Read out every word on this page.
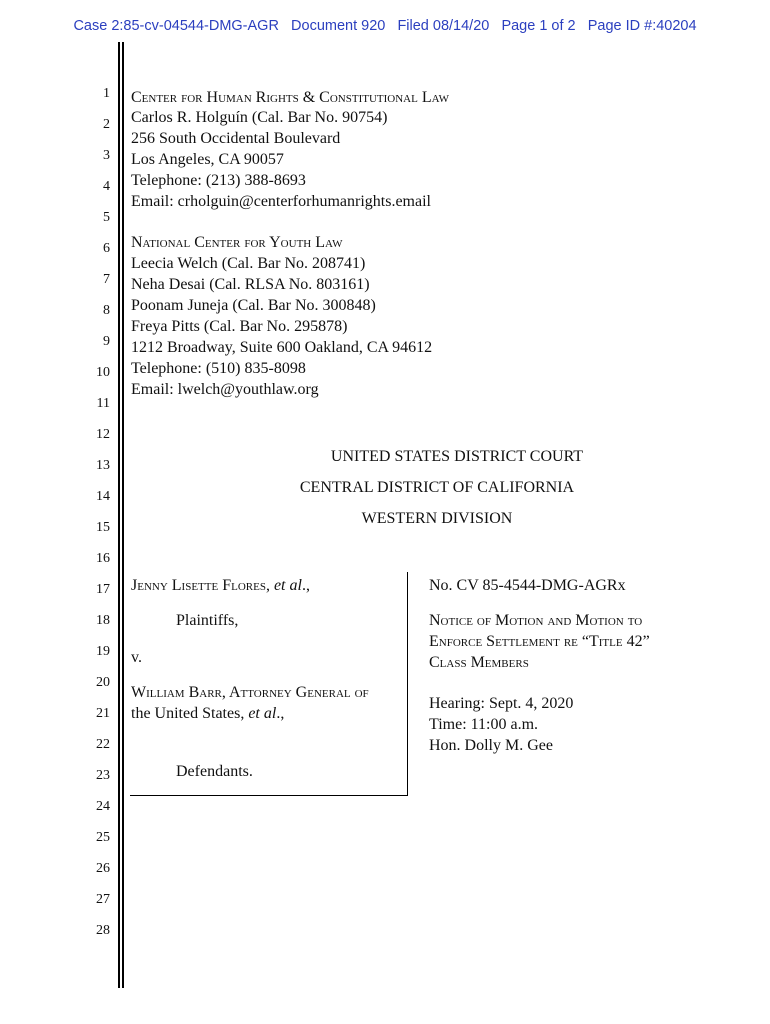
Case 2:85-cv-04544-DMG-AGR Document 920 Filed 08/14/20 Page 1 of 2 Page ID #:40204
1
2
3
4
5
6
7
8
9
10
11
12
13
14
15
16
17
18
19
20
21
22
23
24
25
26
27
28
Center for Human Rights & Constitutional Law
Carlos R. Holguín (Cal. Bar No. 90754)
256 South Occidental Boulevard
Los Angeles, CA 90057
Telephone: (213) 388-8693
Email: crholguin@centerforhumanrights.email
National Center for Youth Law
Leecia Welch (Cal. Bar No. 208741)
Neha Desai (Cal. RLSA No. 803161)
Poonam Juneja (Cal. Bar No. 300848)
Freya Pitts (Cal. Bar No. 295878)
1212 Broadway, Suite 600 Oakland, CA 94612
Telephone: (510) 835-8098
Email: lwelch@youthlaw.org
UNITED STATES DISTRICT COURT
CENTRAL DISTRICT OF CALIFORNIA
WESTERN DIVISION
Jenny Lisette Flores, et al.,
Plaintiffs,
v.
William Barr, Attorney General of
the United States, et al.,
Defendants.
No. CV 85-4544-DMG-AGRx
Notice of Motion and Motion to
Enforce Settlement re “Title 42”
Class Members
Hearing: Sept. 4, 2020
Time: 11:00 a.m.
Hon. Dolly M. Gee
